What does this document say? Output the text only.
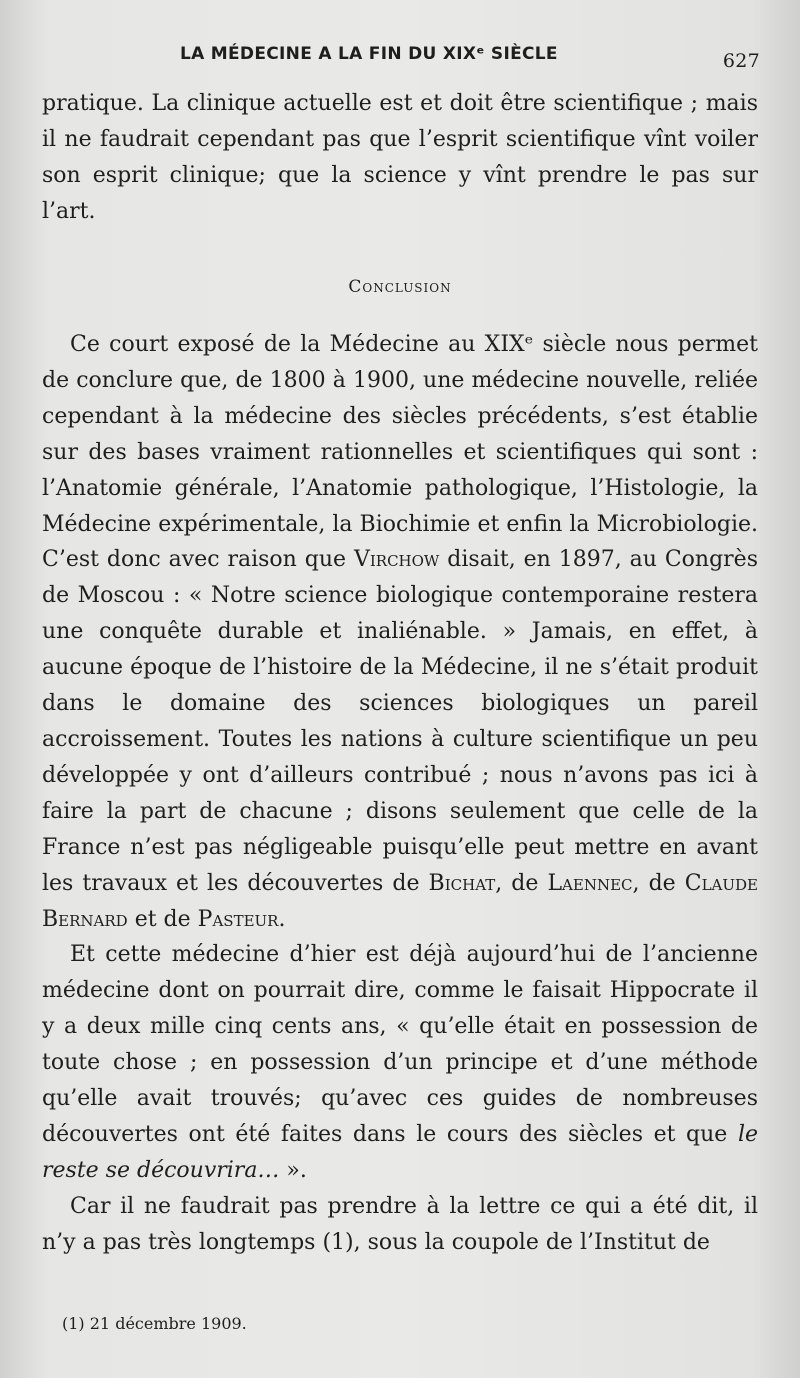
LA MÉDECINE A LA FIN DU XIXᵉ SIÈCLE	627

pratique. La clinique actuelle est et doit être scientifique ; mais il ne faudrait cependant pas que l’esprit scientifique vînt voiler son esprit clinique; que la science y vînt prendre le pas sur l’art.

Conclusion

Ce court exposé de la Médecine au XIXᵉ siècle nous permet de conclure que, de 1800 à 1900, une médecine nouvelle, reliée cependant à la médecine des siècles précédents, s’est établie sur des bases vraiment rationnelles et scientifiques qui sont : l’Anatomie générale, l’Anatomie pathologique, l’Histologie, la Médecine expérimentale, la Biochimie et enfin la Microbiologie. C’est donc avec raison que Virchow disait, en 1897, au Congrès de Moscou : « Notre science biologique contemporaine restera une conquête durable et inaliénable. » Jamais, en effet, à aucune époque de l’histoire de la Médecine, il ne s’était produit dans le domaine des sciences biologiques un pareil accroissement. Toutes les nations à culture scientifique un peu développée y ont d’ailleurs contribué ; nous n’avons pas ici à faire la part de chacune ; disons seulement que celle de la France n’est pas négligeable puisqu’elle peut mettre en avant les travaux et les découvertes de Bichat, de Laennec, de Claude Bernard et de Pasteur.

Et cette médecine d’hier est déjà aujourd’hui de l’ancienne médecine dont on pourrait dire, comme le faisait Hippocrate il y a deux mille cinq cents ans, « qu’elle était en possession de toute chose ; en possession d’un principe et d’une méthode qu’elle avait trouvés; qu’avec ces guides de nombreuses découvertes ont été faites dans le cours des siècles et que le reste se découvrira… ».

Car il ne faudrait pas prendre à la lettre ce qui a été dit, il n’y a pas très longtemps (1), sous la coupole de l’Institut de

(1) 21 décembre 1909.
